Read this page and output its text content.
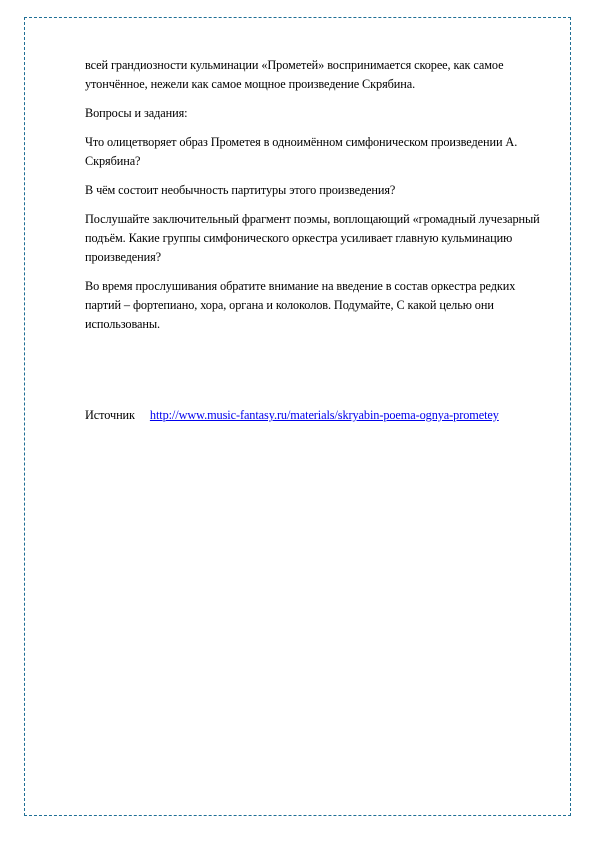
всей грандиозности кульминации «Прометей» воспринимается скорее, как самое утончённое, нежели как самое мощное произведение Скрябина.

Вопросы и задания:

Что олицетворяет образ Прометея в одноимённом симфоническом произведении А. Скрябина?

В чём состоит необычность партитуры этого произведения?

Послушайте заключительный фрагмент поэмы, воплощающий «громадный лучезарный подъём. Какие группы симфонического оркестра усиливает главную кульминацию произведения?

Во время прослушивания обратите внимание на введение в состав оркестра редких партий – фортепиано, хора, органа и колоколов. Подумайте, С какой целью они использованы.

Источник http://www.music-fantasy.ru/materials/skryabin-poema-ognya-prometey
